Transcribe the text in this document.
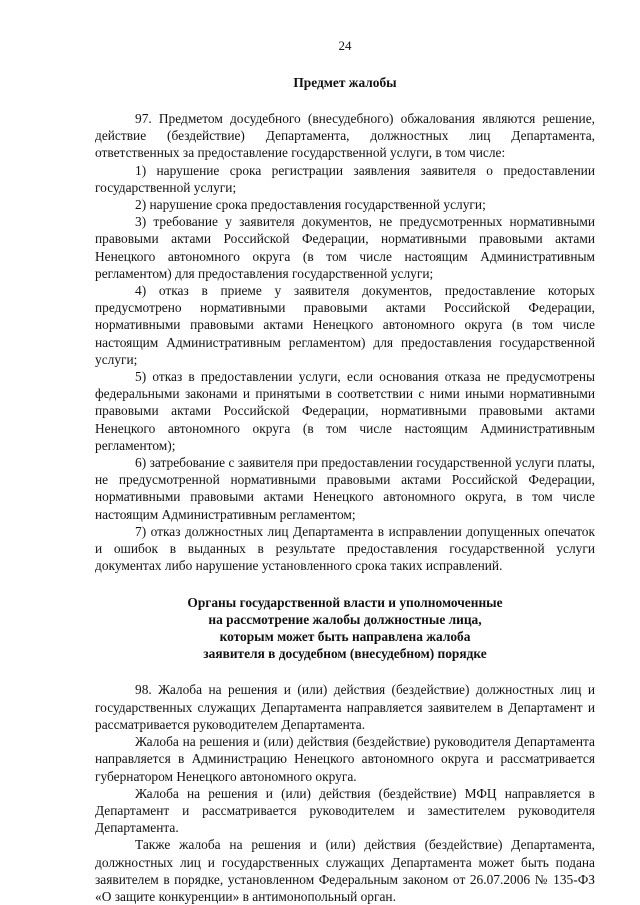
24
Предмет жалобы

97. Предметом досудебного (внесудебного) обжалования являются решение, действие (бездействие) Департамента, должностных лиц Департамента, ответственных за предоставление государственной услуги, в том числе:

1) нарушение срока регистрации заявления заявителя о предоставлении государственной услуги;

2) нарушение срока предоставления государственной услуги;

3) требование у заявителя документов, не предусмотренных нормативными правовыми актами Российской Федерации, нормативными правовыми актами Ненецкого автономного округа (в том числе настоящим Административным регламентом) для предоставления государственной услуги;

4) отказ в приеме у заявителя документов, предоставление которых предусмотрено нормативными правовыми актами Российской Федерации, нормативными правовыми актами Ненецкого автономного округа (в том числе настоящим Административным регламентом) для предоставления государственной услуги;

5) отказ в предоставлении услуги, если основания отказа не предусмотрены федеральными законами и принятыми в соответствии с ними иными нормативными правовыми актами Российской Федерации, нормативными правовыми актами Ненецкого автономного округа (в том числе настоящим Административным регламентом);

6) затребование с заявителя при предоставлении государственной услуги платы, не предусмотренной нормативными правовыми актами Российской Федерации, нормативными правовыми актами Ненецкого автономного округа, в том числе настоящим Административным регламентом;

7) отказ должностных лиц Департамента в исправлении допущенных опечаток и ошибок в выданных в результате предоставления государственной услуги документах либо нарушение установленного срока таких исправлений.

Органы государственной власти и уполномоченные
на рассмотрение жалобы должностные лица,
которым может быть направлена жалоба
заявителя в досудебном (внесудебном) порядке

98. Жалоба на решения и (или) действия (бездействие) должностных лиц и государственных служащих Департамента направляется заявителем в Департамент и рассматривается руководителем Департамента.

Жалоба на решения и (или) действия (бездействие) руководителя Департамента направляется в Администрацию Ненецкого автономного округа и рассматривается губернатором Ненецкого автономного округа.

Жалоба на решения и (или) действия (бездействие) МФЦ направляется в Департамент и рассматривается руководителем и заместителем руководителя Департамента.

Также жалоба на решения и (или) действия (бездействие) Департамента, должностных лиц и государственных служащих Департамента может быть подана заявителем в порядке, установленном Федеральным законом от 26.07.2006 № 135-ФЗ «О защите конкуренции» в антимонопольный орган.
